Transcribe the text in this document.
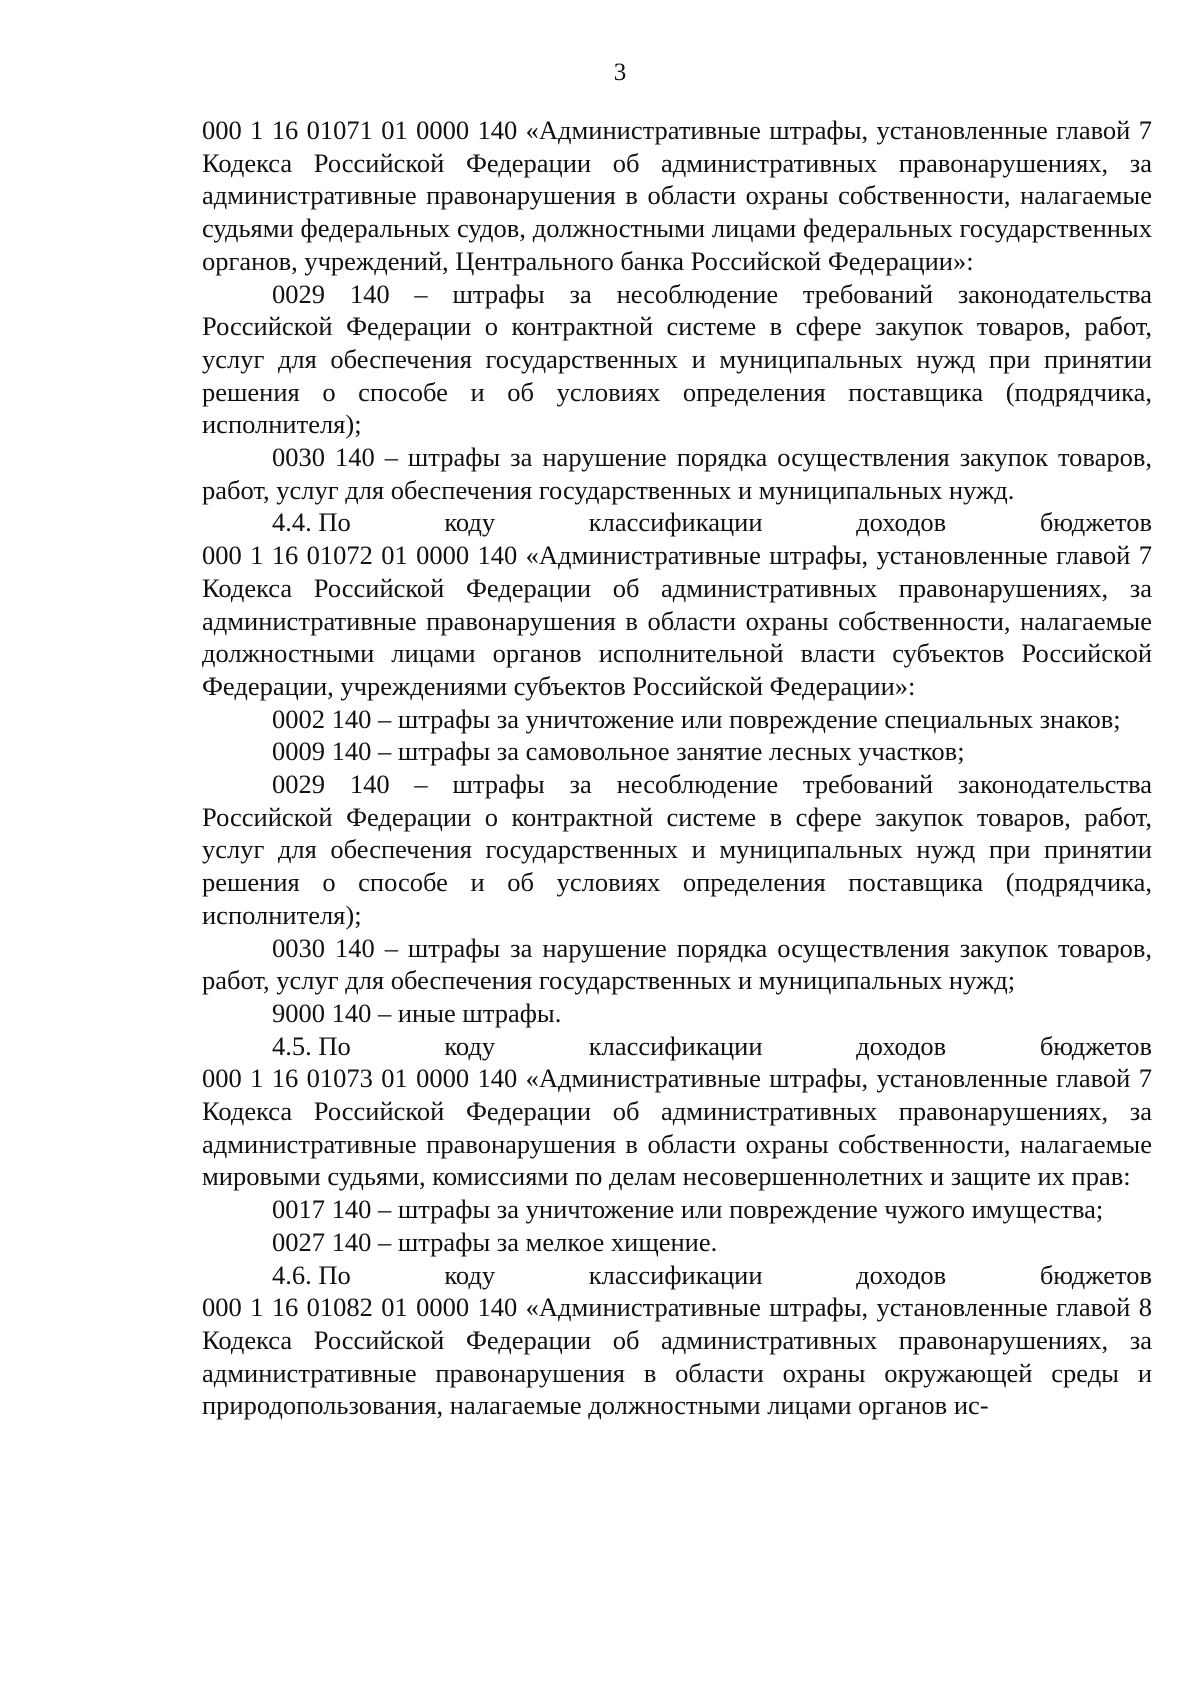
3

000 1 16 01071 01 0000 140 «Административные штрафы, установленные главой 7 Кодекса Российской Федерации об административных правонарушениях, за административные правонарушения в области охраны собственности, налагаемые судьями федеральных судов, должностными лицами федеральных государственных органов, учреждений, Центрального банка Российской Федерации»:

0029 140 – штрафы за несоблюдение требований законодательства Российской Федерации о контрактной системе в сфере закупок товаров, работ, услуг для обеспечения государственных и муниципальных нужд при принятии решения о способе и об условиях определения поставщика (подрядчика, исполнителя);

0030 140 – штрафы за нарушение порядка осуществления закупок товаров, работ, услуг для обеспечения государственных и муниципальных нужд.

4.4. По	коду	классификации	доходов	бюджетов

000 1 16 01072 01 0000 140 «Административные штрафы, установленные главой 7 Кодекса Российской Федерации об административных правонарушениях, за административные правонарушения в области охраны собственности, налагаемые должностными лицами органов исполнительной власти субъектов Российской Федерации, учреждениями субъектов Российской Федерации»:

0002 140 – штрафы за уничтожение или повреждение специальных знаков;

0009 140 – штрафы за самовольное занятие лесных участков;

0029 140 – штрафы за несоблюдение требований законодательства Российской Федерации о контрактной системе в сфере закупок товаров, работ, услуг для обеспечения государственных и муниципальных нужд при принятии решения о способе и об условиях определения поставщика (подрядчика, исполнителя);

0030 140 – штрафы за нарушение порядка осуществления закупок товаров, работ, услуг для обеспечения государственных и муниципальных нужд;

9000 140 – иные штрафы.

4.5. По	коду	классификации	доходов	бюджетов

000 1 16 01073 01 0000 140 «Административные штрафы, установленные главой 7 Кодекса Российской Федерации об административных правонарушениях, за административные правонарушения в области охраны собственности, налагаемые мировыми судьями, комиссиями по делам несовершеннолетних и защите их прав:

0017 140 – штрафы за уничтожение или повреждение чужого имущества;

0027 140 – штрафы за мелкое хищение.

4.6. По	коду	классификации	доходов	бюджетов

000 1 16 01082 01 0000 140 «Административные штрафы, установленные главой 8 Кодекса Российской Федерации об административных правонарушениях, за административные правонарушения в области охраны окружающей среды и природопользования, налагаемые должностными лицами органов ис-
